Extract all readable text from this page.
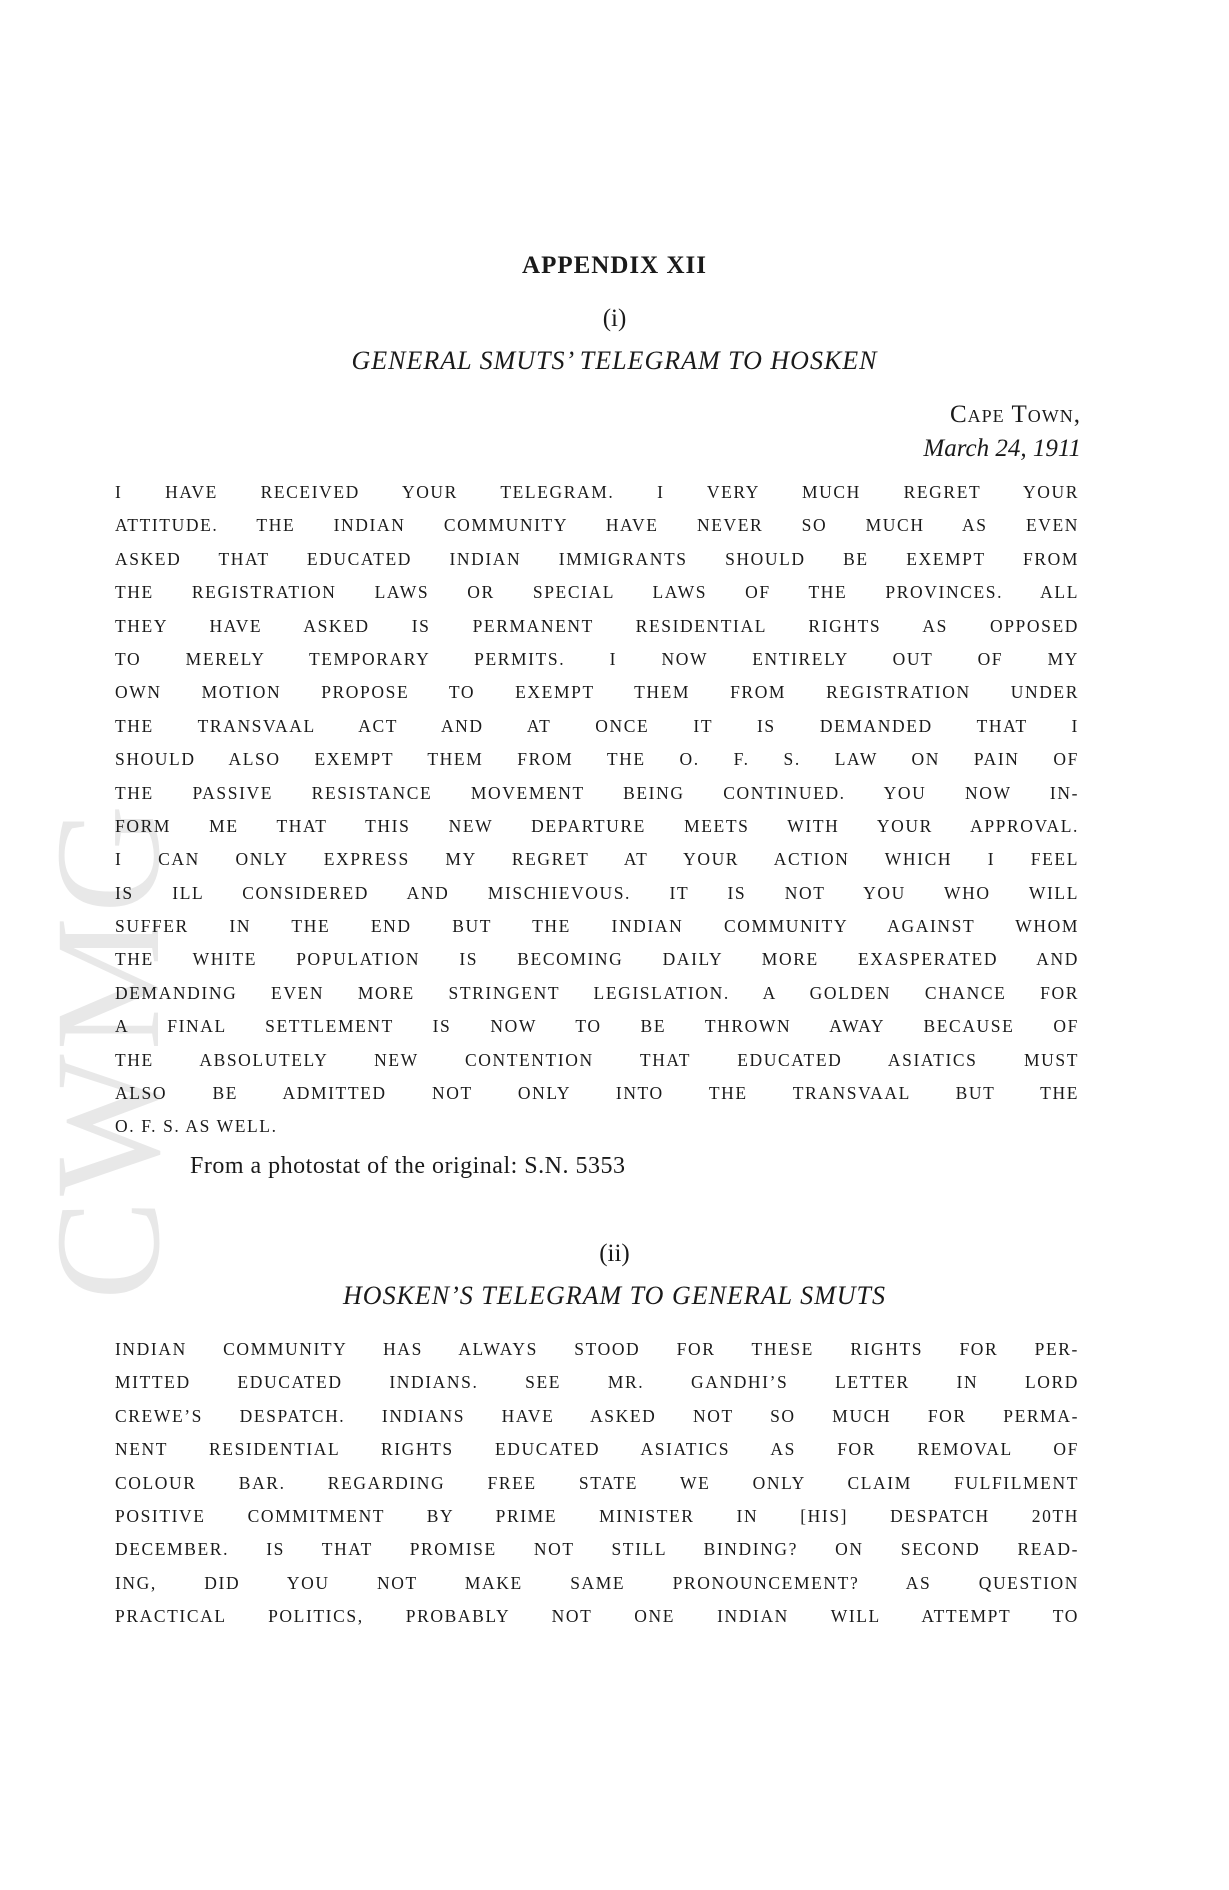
CWMG
APPENDIX XII
(i)
GENERAL SMUTS’ TELEGRAM TO HOSKEN
Cape Town,
March 24, 1911
I HAVE RECEIVED YOUR TELEGRAM. I VERY MUCH REGRET YOUR
ATTITUDE. THE INDIAN COMMUNITY HAVE NEVER SO MUCH AS EVEN
ASKED THAT EDUCATED INDIAN IMMIGRANTS SHOULD BE EXEMPT FROM
THE REGISTRATION LAWS OR SPECIAL LAWS OF THE PROVINCES. ALL
THEY HAVE ASKED IS PERMANENT RESIDENTIAL RIGHTS AS OPPOSED
TO MERELY TEMPORARY PERMITS. I NOW ENTIRELY OUT OF MY
OWN MOTION PROPOSE TO EXEMPT THEM FROM REGISTRATION UNDER
THE TRANSVAAL ACT AND AT ONCE IT IS DEMANDED THAT I
SHOULD ALSO EXEMPT THEM FROM THE O. F. S. LAW ON PAIN OF
THE PASSIVE RESISTANCE MOVEMENT BEING CONTINUED. YOU NOW IN-
FORM ME THAT THIS NEW DEPARTURE MEETS WITH YOUR APPROVAL.
I CAN ONLY EXPRESS MY REGRET AT YOUR ACTION WHICH I FEEL
IS ILL CONSIDERED AND MISCHIEVOUS. IT IS NOT YOU WHO WILL
SUFFER IN THE END BUT THE INDIAN COMMUNITY AGAINST WHOM
THE WHITE POPULATION IS BECOMING DAILY MORE EXASPERATED AND
DEMANDING EVEN MORE STRINGENT LEGISLATION. A GOLDEN CHANCE FOR
A FINAL SETTLEMENT IS NOW TO BE THROWN AWAY BECAUSE OF
THE ABSOLUTELY NEW CONTENTION THAT EDUCATED ASIATICS MUST
ALSO BE ADMITTED NOT ONLY INTO THE TRANSVAAL BUT THE
O. F. S. AS WELL.
From a photostat of the original: S.N. 5353
(ii)
HOSKEN’S TELEGRAM TO GENERAL SMUTS
INDIAN COMMUNITY HAS ALWAYS STOOD FOR THESE RIGHTS FOR PER-
MITTED EDUCATED INDIANS. SEE MR. GANDHI’S LETTER IN LORD
CREWE’S DESPATCH. INDIANS HAVE ASKED NOT SO MUCH FOR PERMA-
NENT RESIDENTIAL RIGHTS EDUCATED ASIATICS AS FOR REMOVAL OF
COLOUR BAR. REGARDING FREE STATE WE ONLY CLAIM FULFILMENT
POSITIVE COMMITMENT BY PRIME MINISTER IN [HIS] DESPATCH 20TH
DECEMBER. IS THAT PROMISE NOT STILL BINDING? ON SECOND READ-
ING, DID YOU NOT MAKE SAME PRONOUNCEMENT? AS QUESTION
PRACTICAL POLITICS, PROBABLY NOT ONE INDIAN WILL ATTEMPT TO
